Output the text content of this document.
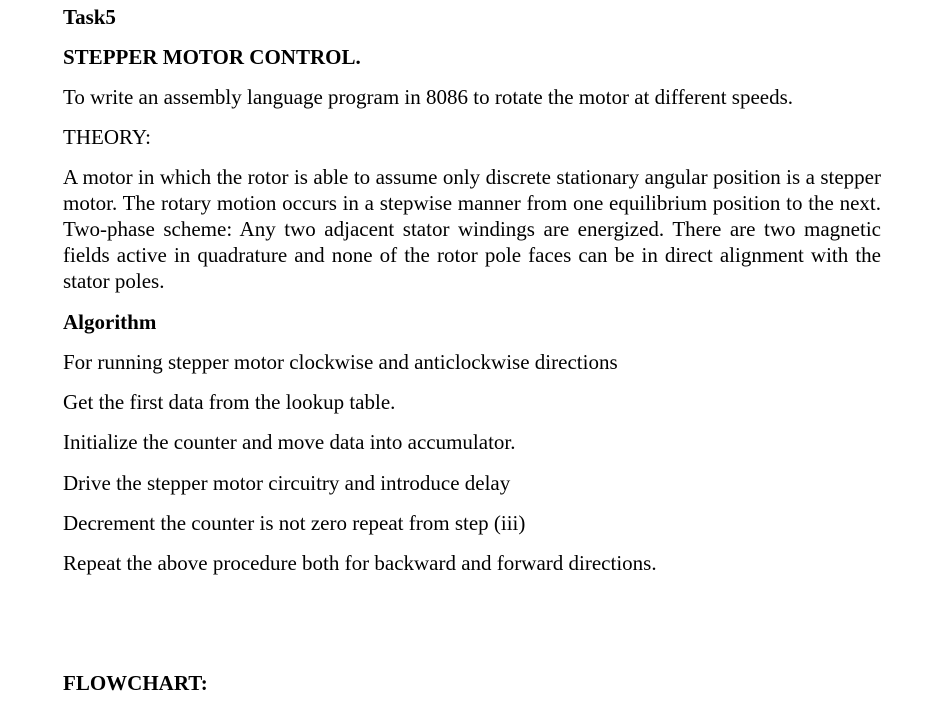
Task5
STEPPER MOTOR CONTROL.
To write an assembly language program in 8086 to rotate the motor at different speeds.
THEORY:
A motor in which the rotor is able to assume only discrete stationary angular position is a stepper motor. The rotary motion occurs in a stepwise manner from one equilibrium position to the next. Two-phase scheme: Any two adjacent stator windings are energized. There are two magnetic fields active in quadrature and none of the rotor pole faces can be in direct alignment with the stator poles.
Algorithm
For running stepper motor clockwise and anticlockwise directions
Get the first data from the lookup table.
Initialize the counter and move data into accumulator.
Drive the stepper motor circuitry and introduce delay
Decrement the counter is not zero repeat from step (iii)
Repeat the above procedure both for backward and forward directions.
FLOWCHART:
